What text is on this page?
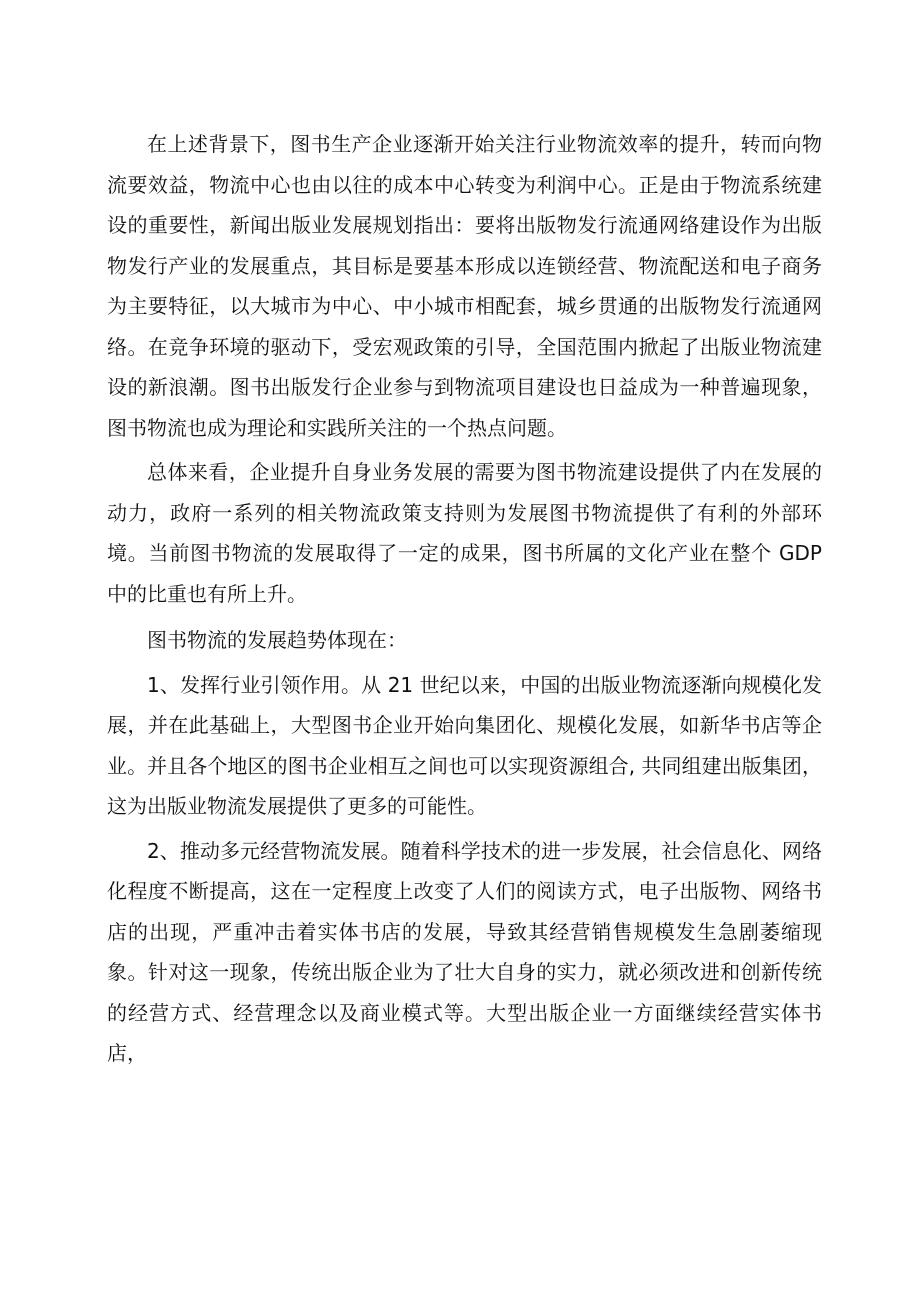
在上述背景下，图书生产企业逐渐开始关注行业物流效率的提升，转而向物流要效益，物流中心也由以往的成本中心转变为利润中心。正是由于物流系统建设的重要性，新闻出版业发展规划指出：要将出版物发行流通网络建设作为出版物发行产业的发展重点，其目标是要基本形成以连锁经营、物流配送和电子商务为主要特征，以大城市为中心、中小城市相配套，城乡贯通的出版物发行流通网络。在竞争环境的驱动下，受宏观政策的引导，全国范围内掀起了出版业物流建设的新浪潮。图书出版发行企业参与到物流项目建设也日益成为一种普遍现象，图书物流也成为理论和实践所关注的一个热点问题。

总体来看，企业提升自身业务发展的需要为图书物流建设提供了内在发展的动力，政府一系列的相关物流政策支持则为发展图书物流提供了有利的外部环境。当前图书物流的发展取得了一定的成果，图书所属的文化产业在整个 GDP 中的比重也有所上升。

图书物流的发展趋势体现在：

1、发挥行业引领作用。从 21 世纪以来，中国的出版业物流逐渐向规模化发展，并在此基础上，大型图书企业开始向集团化、规模化发展，如新华书店等企业。并且各个地区的图书企业相互之间也可以实现资源组合, 共同组建出版集团，这为出版业物流发展提供了更多的可能性。

2、推动多元经营物流发展。随着科学技术的进一步发展，社会信息化、网络化程度不断提高，这在一定程度上改变了人们的阅读方式，电子出版物、网络书店的出现，严重冲击着实体书店的发展，导致其经营销售规模发生急剧萎缩现象。针对这一现象，传统出版企业为了壮大自身的实力，就必须改进和创新传统的经营方式、经营理念以及商业模式等。大型出版企业一方面继续经营实体书店，
